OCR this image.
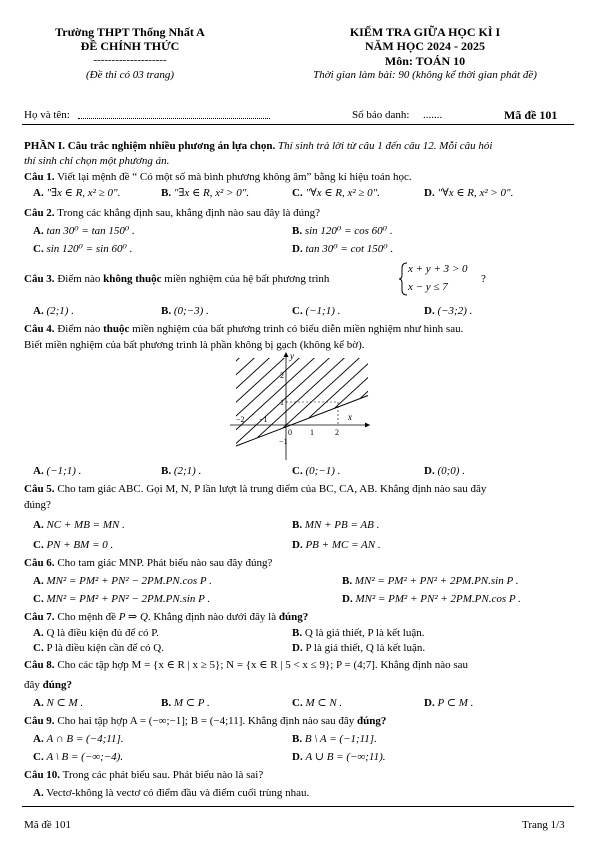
Trường THPT Thống Nhất A
ĐỀ CHÍNH THỨC
--------------------
(Đề thi có 03 trang)
KIỂM TRA GIỮA HỌC KÌ I
NĂM HỌC 2024 - 2025
Môn: TOÁN 10
Thời gian làm bài: 90 (không kể thời gian phát đề)
Họ và tên:	Số báo danh: .......	Mã đề 101
PHẦN I. Câu trắc nghiệm nhiều phương án lựa chọn. Thí sinh trả lời từ câu 1 đến câu 12. Mỗi câu hỏi
thí sinh chỉ chọn một phương án.
Câu 1. Viết lại mệnh đề “ Có một số mà bình phương không âm” bằng kí hiệu toán học.
A. "∃x ∈ R, x² ≥ 0".	B. "∃x ∈ R, x² > 0".	C. "∀x ∈ R, x² ≥ 0".	D. "∀x ∈ R, x² > 0".
Câu 2. Trong các khẳng định sau, khẳng định nào sau đây là đúng?
A. tan 30⁰ = tan 150⁰ .	B. sin 120⁰ = cos 60⁰ .
C. sin 120⁰ = sin 60⁰ .	D. tan 30⁰ = cot 150⁰ .
Câu 3. Điểm nào không thuộc miền nghiệm của hệ bất phương trình
x + y + 3 > 0
x − y ≤ 7
?
A. (2;1) .	B. (0;−3) .	C. (−1;1) .	D. (−3;2) .
Câu 4. Điểm nào thuộc miền nghiệm của bất phương trình có biểu diễn miền nghiệm như hình sau.
Biết miền nghiệm của bất phương trình là phần không bị gạch (không kể bờ).
y
x
0
2
1
−1
−2 −1
1	2
A. (−1;1) .	B. (2;1) .	C. (0;−1) .	D. (0;0) .
Câu 5. Cho tam giác ABC. Gọi M, N, P lần lượt là trung điểm của BC, CA, AB. Khẳng định nào sau đây
đúng?
A. NC + MB = MN .	B. MN + PB = AB .
C. PN + BM = 0 .	D. PB + MC = AN .
Câu 6. Cho tam giác MNP. Phát biểu nào sau đây đúng?
A. MN² = PM² + PN² − 2PM.PN.cos P .	B. MN² = PM² + PN² + 2PM.PN.sin P .
C. MN² = PM² + PN² − 2PM.PN.sin P .	D. MN² = PM² + PN² + 2PM.PN.cos P .
Câu 7. Cho mệnh đề P ⇒ Q. Khẳng định nào dưới đây là đúng?
A. Q là điều kiện đủ để có P.	B. Q là giả thiết, P là kết luận.
C. P là điều kiện cần để có Q.	D. P là giả thiết, Q là kết luận.
Câu 8. Cho các tập hợp M = {x ∈ R | x ≥ 5}; N = {x ∈ R | 5 < x ≤ 9}; P = (4;7]. Khẳng định nào sau
đây đúng?
A. N ⊂ M .	B. M ⊂ P .	C. M ⊂ N .	D. P ⊂ M .
Câu 9. Cho hai tập hợp A = (−∞;−1]; B = (−4;11]. Khẳng định nào sau đây đúng?
A. A ∩ B = (−4;11].	B. B \ A = (−1;11].
C. A \ B = (−∞;−4).	D. A ∪ B = (−∞;11).
Câu 10. Trong các phát biểu sau. Phát biểu nào là sai?
A. Vectơ-không là vectơ có điểm đầu và điểm cuối trùng nhau.
Mã đề 101	Trang 1/3
